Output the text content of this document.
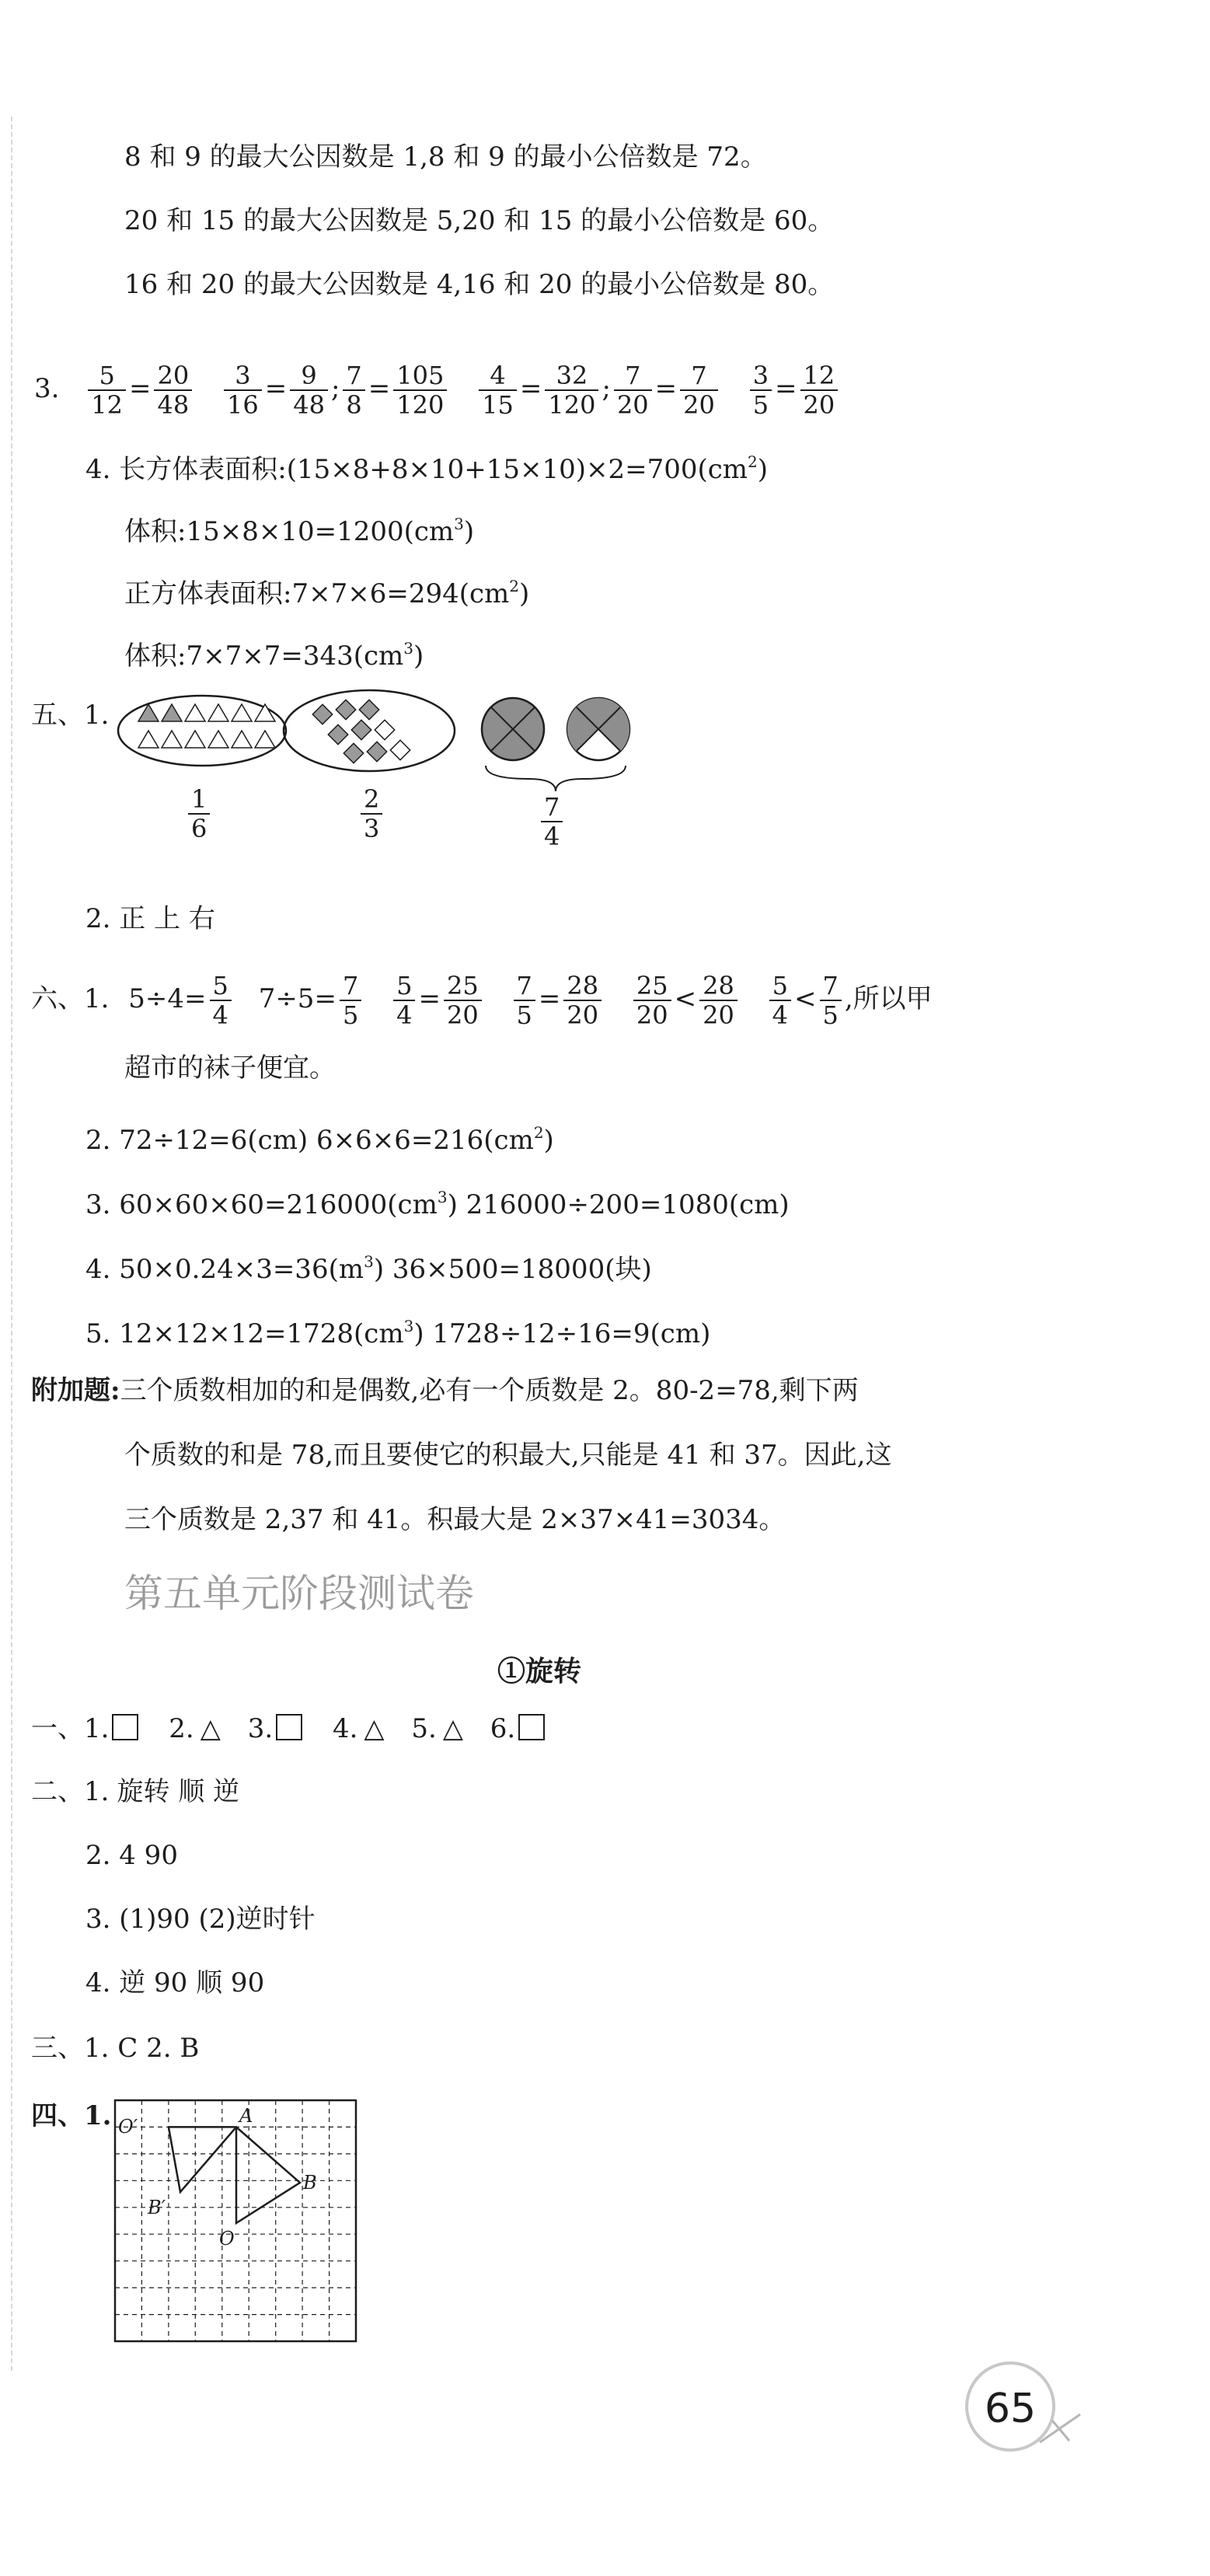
8 和 9 的最大公因数是 1,8 和 9 的最小公倍数是 72。
20 和 15 的最大公因数是 5,20 和 15 的最小公倍数是 60。
16 和 20 的最大公因数是 4,16 和 20 的最小公倍数是 80。
3. $\frac{5}{12} = \frac{20}{48}$
$\frac{3}{16} = \frac{9}{48}$ ; $\frac{7}{8} = \frac{105}{120}$
$\frac{4}{15} = \frac{32}{120}$ ; $\frac{7}{20} = \frac{7}{20}$
$\frac{3}{5} = \frac{12}{20}$
4. 长方体表面积$:(15\times 8+8\times 10+15\times 10)\times 2=700(cm^2)$
体积$:15\times 8\times 10=1200(cm^3)$
正方体表面积$:7\times 7\times 6=294(cm^2)$
体积$:7\times 7\times 7=343(cm^3)$
五、1.
$\frac{1}{6}$	$\frac{2}{3}$	$\frac{7}{4}$
2. 正 上 右
六、1. $5\div 4= \frac{5}{4} 7\div 5= \frac{7}{5}$
$\frac{5}{4} = \frac{25}{20}$
$\frac{7}{5} = \frac{28}{20}$
$\frac{25}{20} < \frac{28}{20}$
$\frac{5}{4} < \frac{7}{5}$ ,所以甲
超市的袜子便宜。
2. 72÷12=6(cm) $6\times 6\times 6=216(cm^2)$
3. $60\times 60\times 60=216000(cm^3)$ 216000÷200=1080(cm)
4. $50\times 0.24\times 3=36(m^3)$ 36×500=18000(块)
5. $12\times 12\times 12=1728(cm^3)$ 1728÷12÷16=9(cm)
附加题:三个质数相加的和是偶数,必有一个质数是 2。80-2=78,剩下两
个质数的和是 78,而且要使它的积最大,只能是 41 和 37。因此,这
三个质数是 2,37 和 41。积最大是 2×37×41=3034。
第五单元阶段测试卷
①旋转
一、1. 2. △ 3. 4. △ 5. △ 6.
二、1. 旋转 顺 逆
2. 4 90
3. (1)90 (2)逆时针
4. 逆 90 顺 90
三、1. C 2. B
四、1. O′	A
B
B′
O
65
